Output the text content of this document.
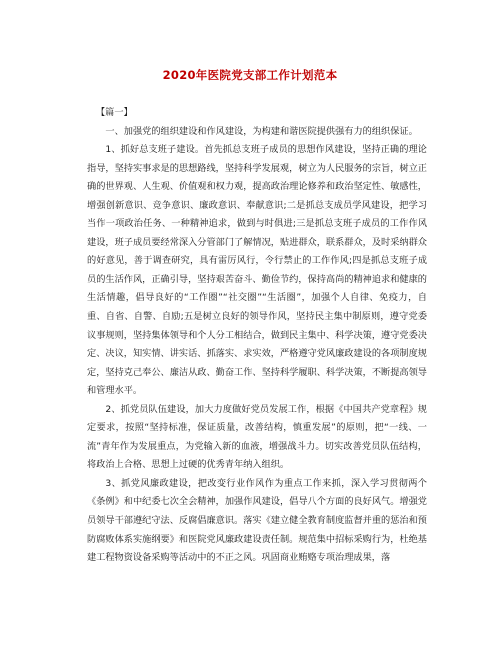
2020年医院党支部工作计划范本

【篇一】

一、加强党的组织建设和作风建设，为构建和谐医院提供强有力的组织保证。

1、抓好总支班子建设。首先抓总支班子成员的思想作风建设，坚持正确的理论指导，坚持实事求是的思想路线，坚持科学发展观，树立为人民服务的宗旨，树立正确的世界观、人生观、价值观和权力观，提高政治理论修养和政治坚定性、敏感性，增强创新意识、竞争意识、廉政意识、奉献意识;二是抓总支成员学风建设，把学习当作一项政治任务、一种精神追求，做到与时俱进;三是抓总支班子成员的工作作风建设，班子成员要经常深入分管部门了解情况，贴进群众，联系群众，及时采纳群众的好意见，善于调查研究，具有雷厉风行，令行禁止的工作作风;四是抓总支班子成员的生活作风，正确引导，坚持艰苦奋斗、勤俭节约，保持高尚的精神追求和健康的生活情趣，倡导良好的“工作圈”“社交圈”“生活圈”，加强个人自律、免疫力，自重、自省、自警、自励;五是树立良好的领导作风，坚持民主集中制原则，遵守党委议事规则，坚持集体领导和个人分工相结合，做到民主集中、科学决策，遵守党委决定、决议，知实情、讲实话、抓落实、求实效，严格遵守党风廉政建设的各项制度规定，坚持克己奉公、廉洁从政、勤奋工作、坚持科学履职、科学决策，不断提高领导和管理水平。

2、抓党员队伍建设，加大力度做好党员发展工作，根据《中国共产党章程》规定要求，按照“坚持标准，保证质量，改善结构，慎重发展”的原则，把“一线、一流”青年作为发展重点，为党输入新的血液，增强战斗力。切实改善党员队伍结构，将政治上合格、思想上过硬的优秀青年纳入组织。

3、抓党风廉政建设，把改变行业作风作为重点工作来抓，深入学习贯彻两个《条例》和中纪委七次全会精神，加强作风建设，倡导八个方面的良好风气。增强党员领导干部遵纪守法、反腐倡廉意识。落实《建立健全教育制度监督并重的惩治和预防腐败体系实施纲要》和医院党风廉政建设责任制。规范集中招标采购行为，杜绝基建工程物资设备采购等活动中的不正之风。巩固商业贿赂专项治理成果，落
